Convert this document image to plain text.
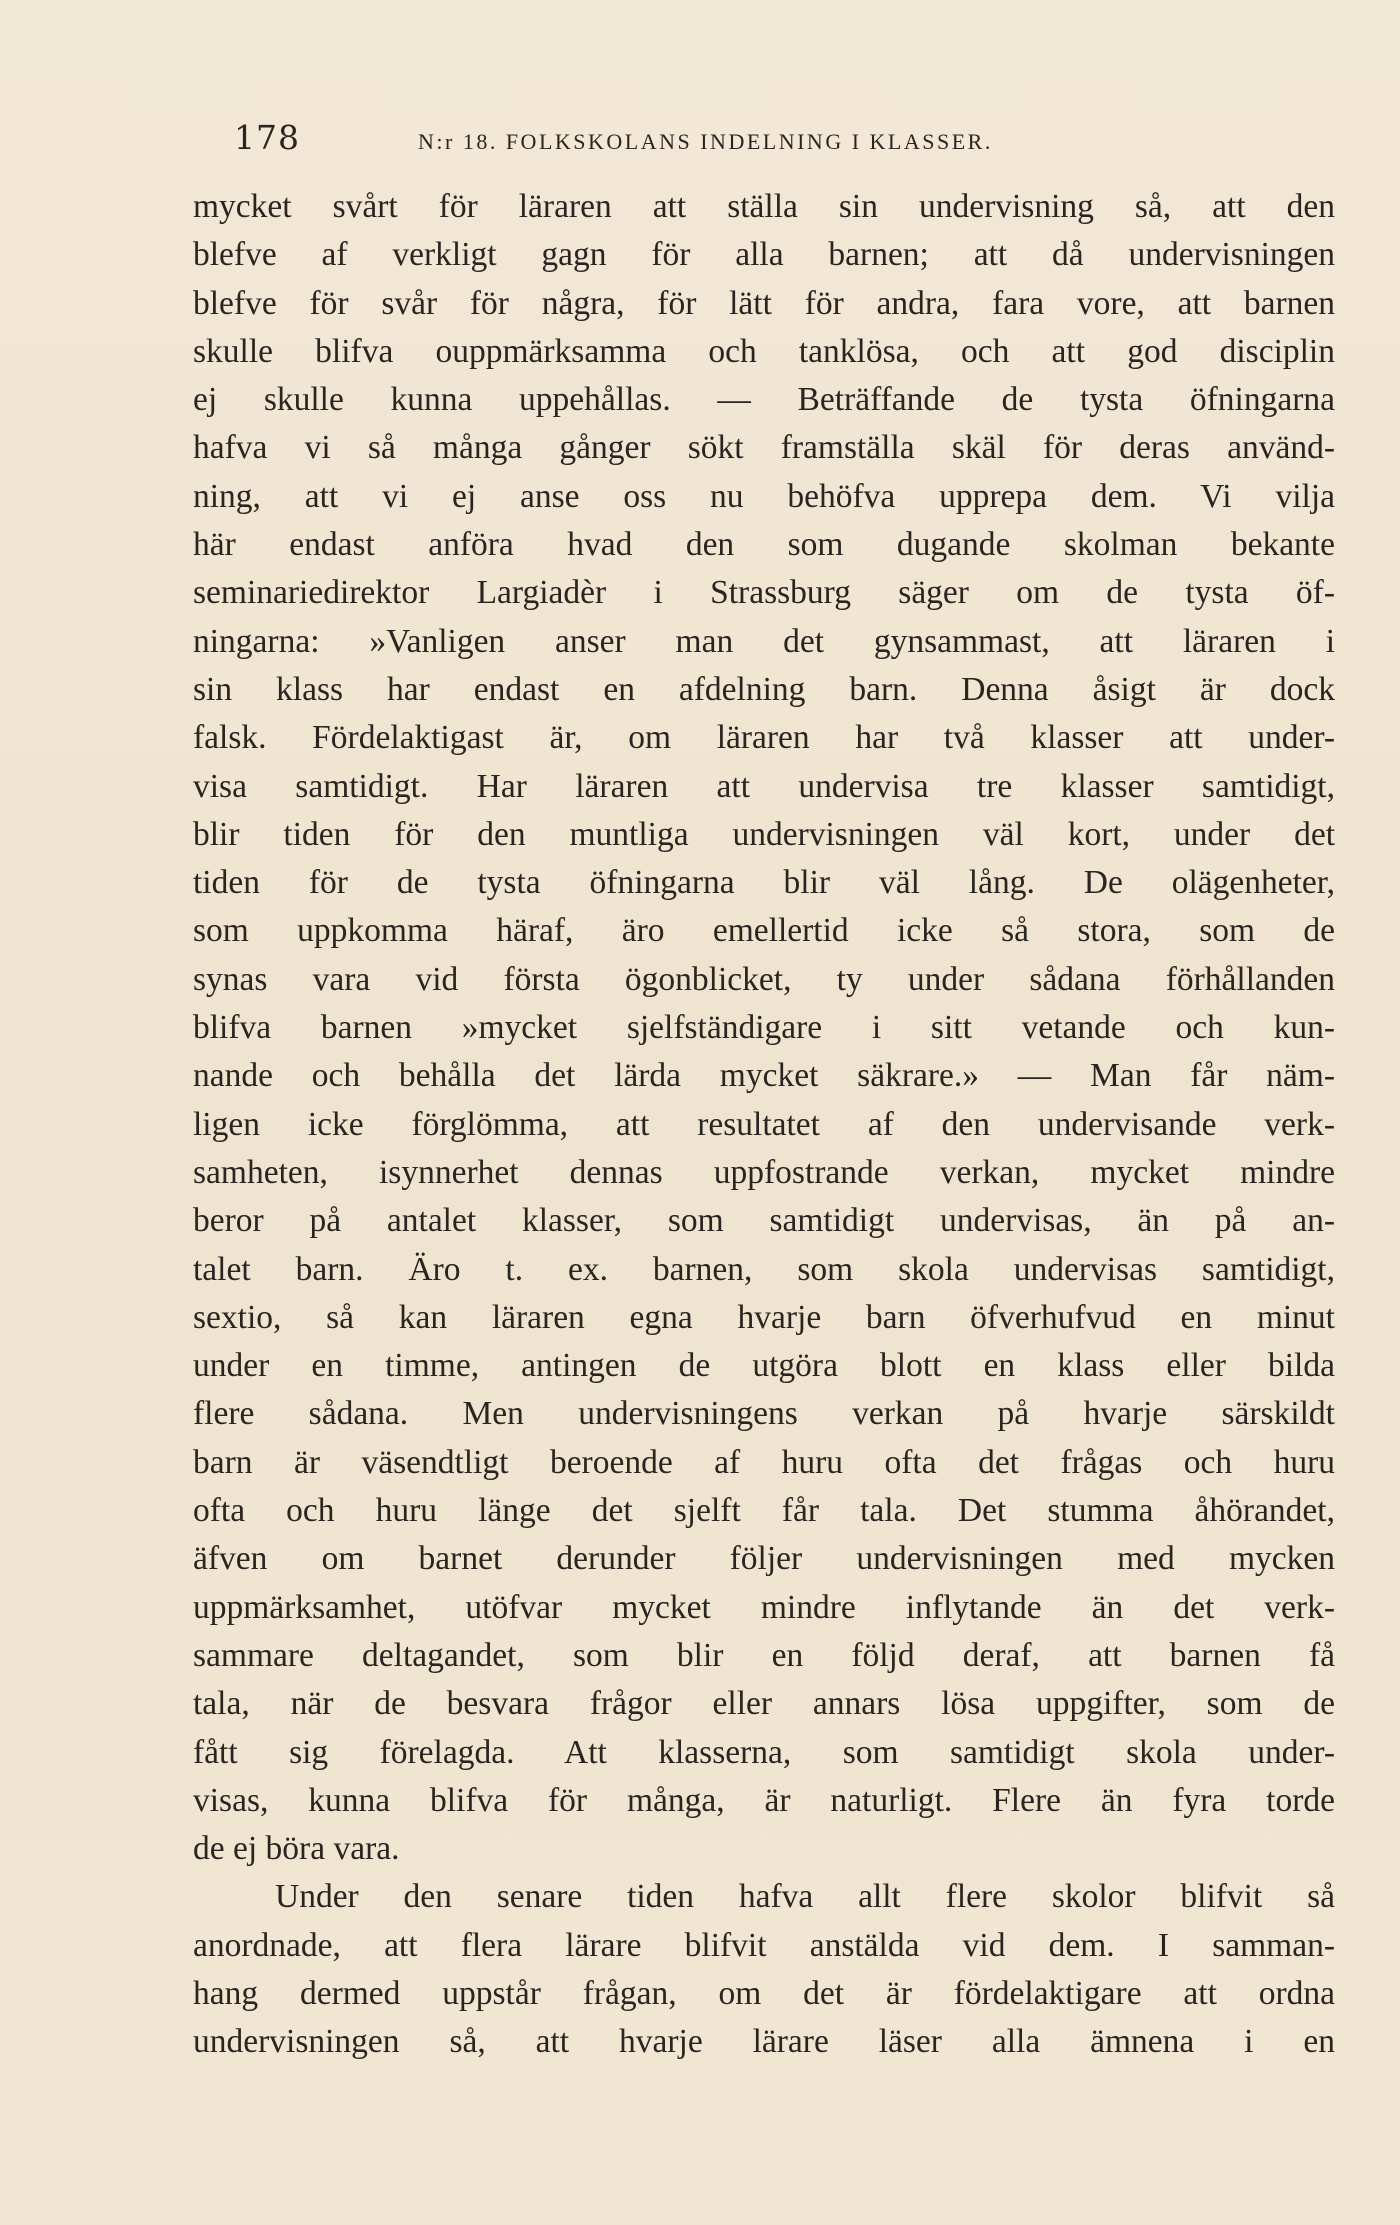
178	N:r 18. FOLKSKOLANS INDELNING I KLASSER.
mycket svårt för läraren att ställa sin undervisning så, att den
blefve af verkligt gagn för alla barnen; att då undervisningen
blefve för svår för några, för lätt för andra, fara vore, att barnen
skulle blifva ouppmärksamma och tanklösa, och att god disciplin
ej skulle kunna uppehållas. — Beträffande de tysta öfningarna
hafva vi så många gånger sökt framställa skäl för deras använd-
ning, att vi ej anse oss nu behöfva upprepa dem. Vi vilja
här endast anföra hvad den som dugande skolman bekante
seminariedirektor Largiadèr i Strassburg säger om de tysta öf-
ningarna: »Vanligen anser man det gynsammast, att läraren i
sin klass har endast en afdelning barn. Denna åsigt är dock
falsk. Fördelaktigast är, om läraren har två klasser att under-
visa samtidigt. Har läraren att undervisa tre klasser samtidigt,
blir tiden för den muntliga undervisningen väl kort, under det
tiden för de tysta öfningarna blir väl lång. De olägenheter,
som uppkomma häraf, äro emellertid icke så stora, som de
synas vara vid första ögonblicket, ty under sådana förhållanden
blifva barnen »mycket sjelfständigare i sitt vetande och kun-
nande och behålla det lärda mycket säkrare.» — Man får näm-
ligen icke förglömma, att resultatet af den undervisande verk-
samheten, isynnerhet dennas uppfostrande verkan, mycket mindre
beror på antalet klasser, som samtidigt undervisas, än på an-
talet barn. Äro t. ex. barnen, som skola undervisas samtidigt,
sextio, så kan läraren egna hvarje barn öfverhufvud en minut
under en timme, antingen de utgöra blott en klass eller bilda
flere sådana. Men undervisningens verkan på hvarje särskildt
barn är väsendtligt beroende af huru ofta det frågas och huru
ofta och huru länge det sjelft får tala. Det stumma åhörandet,
äfven om barnet derunder följer undervisningen med mycken
uppmärksamhet, utöfvar mycket mindre inflytande än det verk-
sammare deltagandet, som blir en följd deraf, att barnen få
tala, när de besvara frågor eller annars lösa uppgifter, som de
fått sig förelagda. Att klasserna, som samtidigt skola under-
visas, kunna blifva för många, är naturligt. Flere än fyra torde
de ej böra vara.
Under den senare tiden hafva allt flere skolor blifvit så
anordnade, att flera lärare blifvit anstälda vid dem. I samman-
hang dermed uppstår frågan, om det är fördelaktigare att ordna
undervisningen så, att hvarje lärare läser alla ämnena i en
